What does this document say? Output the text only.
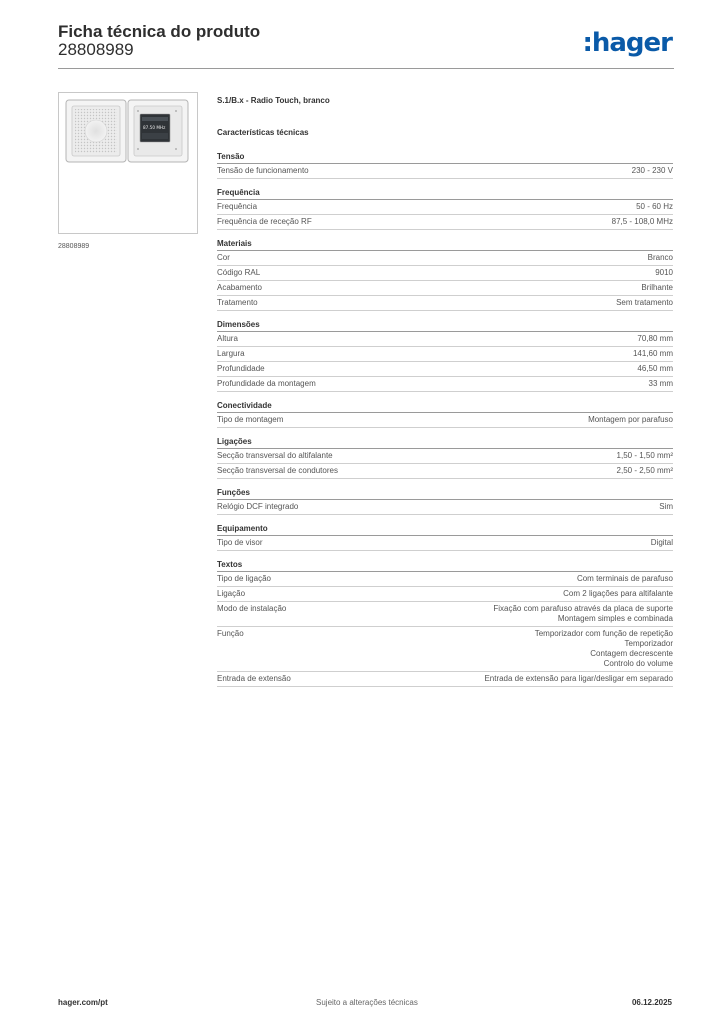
Ficha técnica do produto
28808989	:hager
87.50 MHz
28808989
S.1/B.x - Radio Touch, branco
Características técnicas
Tensão
Tensão de funcionamento	230 - 230 V
Frequência
Frequência	50 - 60 Hz
Frequência de receção RF	87,5 - 108,0 MHz
Materiais
Cor	Branco
Código RAL	9010
Acabamento	Brilhante
Tratamento	Sem tratamento
Dimensões
Altura	70,80 mm
Largura	141,60 mm
Profundidade	46,50 mm
Profundidade da montagem	33 mm
Conectividade
Tipo de montagem	Montagem por parafuso
Ligações
Secção transversal do altifalante	1,50 - 1,50 mm²
Secção transversal de condutores	2,50 - 2,50 mm²
Funções
Relógio DCF integrado	Sim
Equipamento
Tipo de visor	Digital
Textos
Tipo de ligação	Com terminais de parafuso
Ligação	Com 2 ligações para altifalante
Modo de instalação	Fixação com parafuso através da placa de suporte
Montagem simples e combinada
Função	Temporizador com função de repetição
Temporizador
Contagem decrescente
Controlo do volume
Entrada de extensão	Entrada de extensão para ligar/desligar em separado
hager.com/pt	Sujeito a alterações técnicas	06.12.2025
